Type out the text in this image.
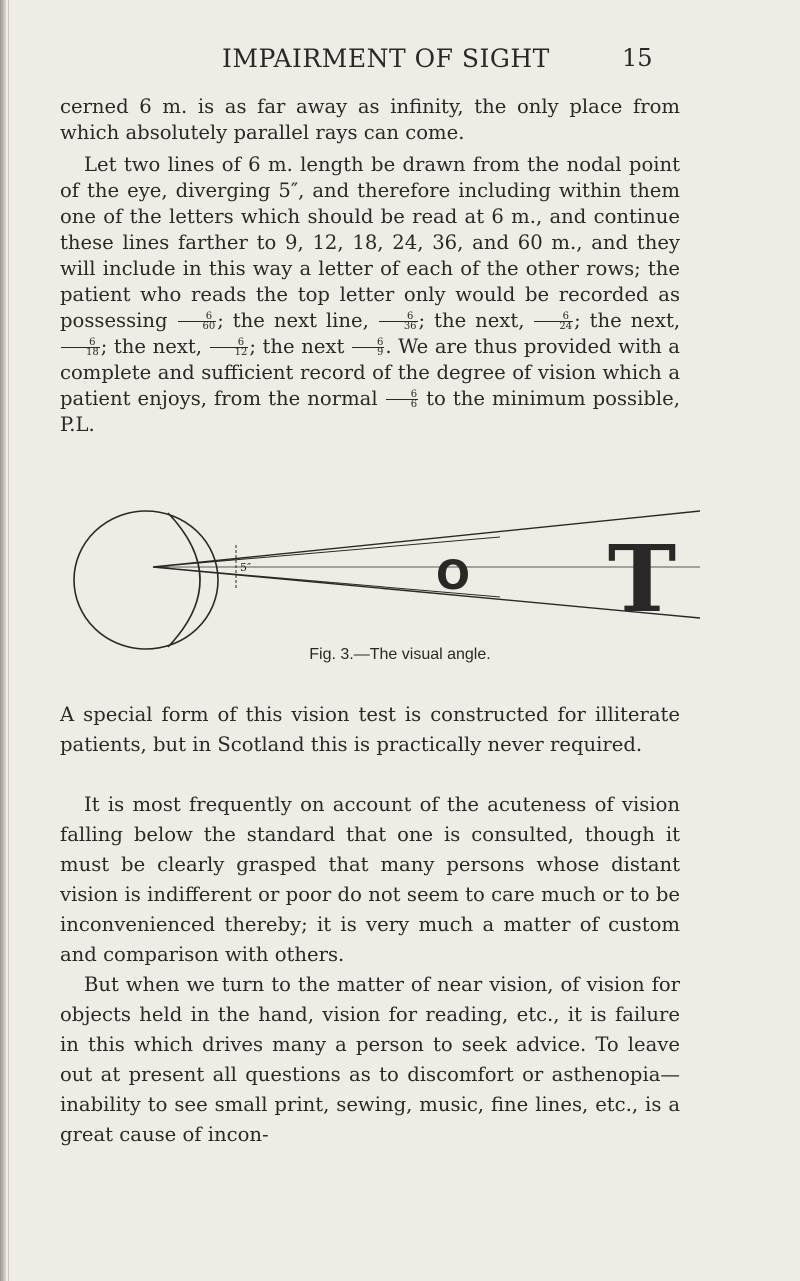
IMPAIRMENT OF SIGHT	15

cerned 6 m. is as far away as infinity, the only place from which absolutely parallel rays can come.

Let two lines of 6 m. length be drawn from the nodal point of the eye, diverging 5″, and therefore including within them one of the letters which should be read at 6 m., and continue these lines farther to 9, 12, 18, 24, 36, and 60 m., and they will include in this way a letter of each of the other rows; the patient who reads the top letter only would be recorded as possessing $\frac{6}{60}$ ; the next line, $\frac{6}{36}$ ; the next, $\frac{6}{24}$ ; the next,
$\frac{6}{18}$ ; the next, $\frac{6}{12}$ ; the next $\frac{6}{9}$ . We are thus provided with a complete and sufficient record of the degree of vision which a patient enjoys, from the normal $\frac{6}{6}$ to the minimum possible, P.L.

5″	O T
Fig. 3.—The visual angle.

A special form of this vision test is constructed for illiterate patients, but in Scotland this is practically never required.

It is most frequently on account of the acuteness of vision falling below the standard that one is consulted, though it must be clearly grasped that many persons whose distant vision is indifferent or poor do not seem to care much or to be inconvenienced thereby; it is very much a matter of custom and comparison with others.

But when we turn to the matter of near vision, of vision for objects held in the hand, vision for reading, etc., it is failure in this which drives many a person to seek advice. To leave out at present all questions as to discomfort or asthenopia—inability to see small print, sewing, music, fine lines, etc., is a great cause of incon-
